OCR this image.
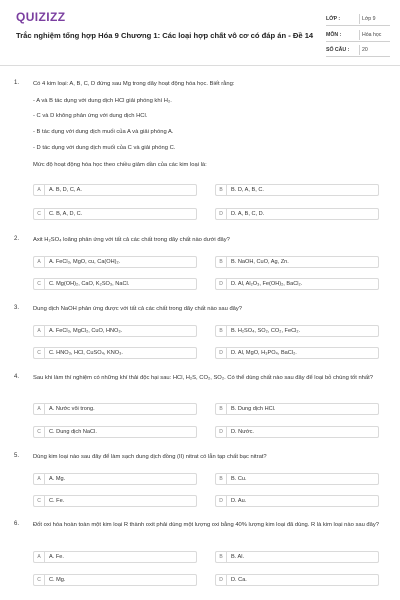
QUIZIZZ
Trắc nghiệm tổng hợp Hóa 9 Chương 1: Các loại hợp chất vô cơ có đáp án - Đề 14
LỚP :	Lớp 9
MÔN :	Hóa học
SỐ CÂU :	20
1. Có 4 kim loại: A, B, C, D đứng sau Mg trong dãy hoạt động hóa học. Biết rằng:
- A và B tác dụng với dung dịch HCl giải phóng khí H₂.
- C và D không phản ứng với dung dịch HCl.
- B tác dụng với dung dịch muối của A và giải phóng A.
- D tác dụng với dung dịch muối của C và giải phóng C.
Mức độ hoạt động hóa học theo chiều giảm dần của các kim loại là:
A	A. B, D, C, A.	B	B. D, A, B, C.
C	C. B, A, D, C.	D	D. A, B, C, D.
2. Axit H₂SO₄ loãng phản ứng với tất cả các chất trong dãy chất nào dưới đây?
A	A. FeCl₃, MgO, cu, Ca(OH)₂.	B	B. NaOH, CuO, Ag, Zn.
C	C. Mg(OH)₂, CaO, K₂SO₃, NaCl.	D	D. Al, Al₂O₃, Fe(OH)₂, BaCl₂.
3. Dung dịch NaOH phản ứng được với tất cả các chất trong dãy chất nào sau đây?
A	A. FeCl₃, MgCl₂, CuO, HNO₃.	B	B. H₂SO₄, SO₂, CO₂, FeCl₂.
C	C. HNO₃, HCl, CuSO₄, KNO₃.	D	D. Al, MgO, H₃PO₄, BaCl₂.
4. Sau khi làm thí nghiệm có những khí thải độc hại sau: HCl, H₂S, CO₂, SO₂. Có thể dùng chất nào sau đây để loại bỏ chúng tốt nhất?
A	A. Nước vôi trong.	B	B. Dung dịch HCl.
C	C. Dung dịch NaCl.	D	D. Nước.
5. Dùng kim loại nào sau đây để làm sạch dung dịch đồng (II) nitrat có lẫn tạp chất bạc nitrat?
A	A. Mg.	B	B. Cu.
C	C. Fe.	D	D. Au.
6. Đốt oxi hóa hoàn toàn một kim loại R thành oxit phải dùng một lượng oxi bằng 40% lượng kim loại đã dùng. R là kim loại nào sau đây?
A	A. Fe.	B	B. Al.
C	C. Mg.	D	D. Ca.
